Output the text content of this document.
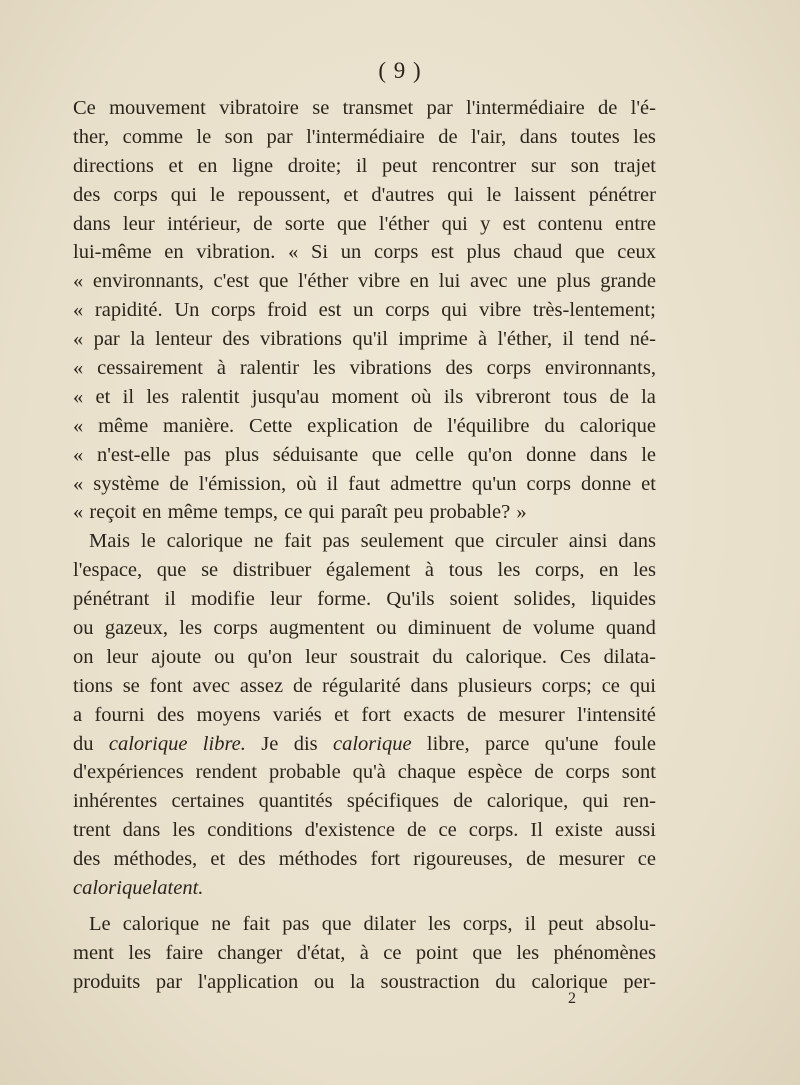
( 9 )
Ce mouvement vibratoire se transmet par l'intermédiaire de l'é-
ther, comme le son par l'intermédiaire de l'air, dans toutes les
directions et en ligne droite; il peut rencontrer sur son trajet
des corps qui le repoussent, et d'autres qui le laissent pénétrer
dans leur intérieur, de sorte que l'éther qui y est contenu entre
lui-même en vibration. « Si un corps est plus chaud que ceux
« environnants, c'est que l'éther vibre en lui avec une plus grande
« rapidité. Un corps froid est un corps qui vibre très-lentement;
« par la lenteur des vibrations qu'il imprime à l'éther, il tend né-
« cessairement à ralentir les vibrations des corps environnants,
« et il les ralentit jusqu'au moment où ils vibreront tous de la
« même manière. Cette explication de l'équilibre du calorique
« n'est-elle pas plus séduisante que celle qu'on donne dans le
« système de l'émission, où il faut admettre qu'un corps donne et
« reçoit en même temps, ce qui paraît peu probable? »
Mais le calorique ne fait pas seulement que circuler ainsi dans
l'espace, que se distribuer également à tous les corps, en les
pénétrant il modifie leur forme. Qu'ils soient solides, liquides
ou gazeux, les corps augmentent ou diminuent de volume quand
on leur ajoute ou qu'on leur soustrait du calorique. Ces dilata-
tions se font avec assez de régularité dans plusieurs corps; ce qui
a fourni des moyens variés et fort exacts de mesurer l'intensité
du calorique libre. Je dis calorique libre, parce qu'une foule
d'expériences rendent probable qu'à chaque espèce de corps sont
inhérentes certaines quantités spécifiques de calorique, qui ren-
trent dans les conditions d'existence de ce corps. Il existe aussi
des méthodes, et des méthodes fort rigoureuses, de mesurer ce
calorique latent.
Le calorique ne fait pas que dilater les corps, il peut absolu-
ment les faire changer d'état, à ce point que les phénomènes
produits par l'application ou la soustraction du calorique per-
2
